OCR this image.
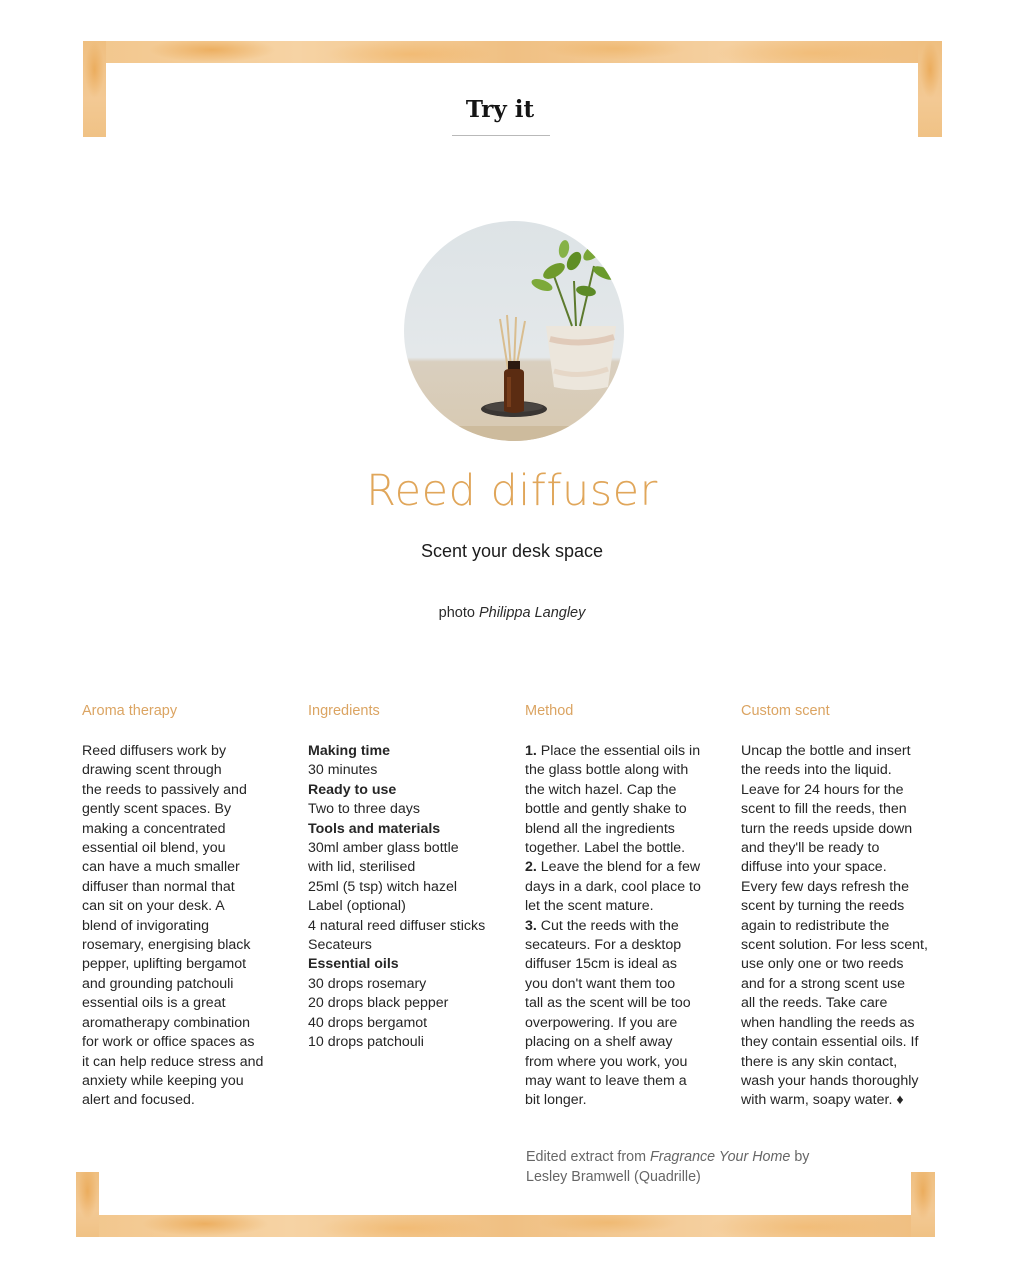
Try it
Reed diffuser
Scent your desk space
photo Philippa Langley
Aroma therapy

Reed diffusers work by
drawing scent through
the reeds to passively and
gently scent spaces. By
making a concentrated
essential oil blend, you
can have a much smaller
diffuser than normal that
can sit on your desk. A
blend of invigorating
rosemary, energising black
pepper, uplifting bergamot
and grounding patchouli
essential oils is a great
aromatherapy combination
for work or office spaces as
it can help reduce stress and
anxiety while keeping you
alert and focused.

Ingredients

Making time
30 minutes
Ready to use
Two to three days
Tools and materials
30ml amber glass bottle
with lid, sterilised
25ml (5 tsp) witch hazel
Label (optional)
4 natural reed diffuser sticks
Secateurs
Essential oils
30 drops rosemary
20 drops black pepper
40 drops bergamot
10 drops patchouli

Method

1. Place the essential oils in
the glass bottle along with
the witch hazel. Cap the
bottle and gently shake to
blend all the ingredients
together. Label the bottle.
2. Leave the blend for a few
days in a dark, cool place to
let the scent mature.
3. Cut the reeds with the
secateurs. For a desktop
diffuser 15cm is ideal as
you don't want them too
tall as the scent will be too
overpowering. If you are
placing on a shelf away
from where you work, you
may want to leave them a
bit longer.

Custom scent

Uncap the bottle and insert
the reeds into the liquid.
Leave for 24 hours for the
scent to fill the reeds, then
turn the reeds upside down
and they'll be ready to
diffuse into your space.
Every few days refresh the
scent by turning the reeds
again to redistribute the
scent solution. For less scent,
use only one or two reeds
and for a strong scent use
all the reeds. Take care
when handling the reeds as
they contain essential oils. If
there is any skin contact,
wash your hands thoroughly
with warm, soapy water. ♦

Edited extract from Fragrance Your Home by
Lesley Bramwell (Quadrille)
